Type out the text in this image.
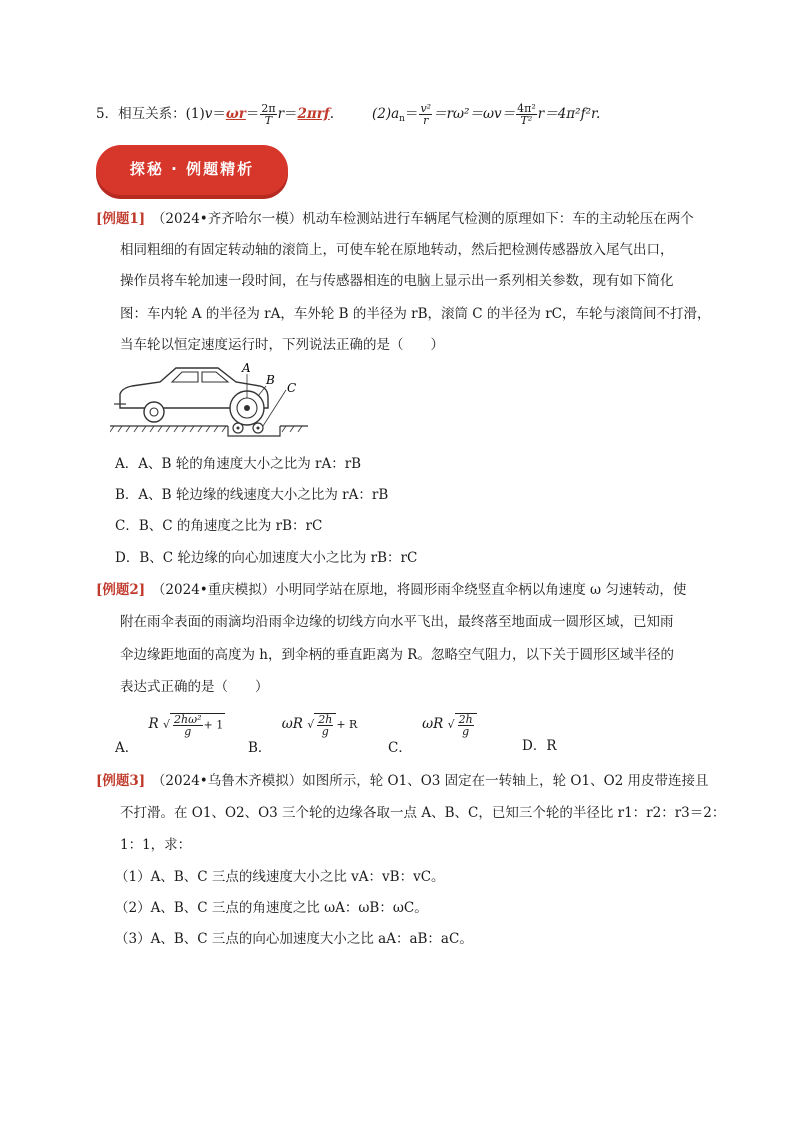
5．相互关系：$(1)v=\omega r= \frac{2\pi}{T} r=2\pi rf$.	$(2)a_n= \frac{\text{v²}}{r} =r\omega^2=\omega v= \frac{\text{4π²}}{\text{T²}} r=4\pi^2f^2r$.
探秘 · 例题精析
[例题1]　 （2024•齐齐哈尔一模）机动车检测站进行车辆尾气检测的原理如下：车的主动轮压在两个
相同粗细的有固定转动轴的滚筒上，可使车轮在原地转动，然后把检测传感器放入尾气出口，
操作员将车轮加速一段时间，在与传感器相连的电脑上显示出一系列相关参数，现有如下简化
图：车内轮 A 的半径为 rA，车外轮 B 的半径为 rB，滚筒 C 的半径为 rC，车轮与滚筒间不打滑，
当车轮以恒定速度运行时，下列说法正确的是（　　）
A
B
C
A．A、B 轮的角速度大小之比为 rA：rB
B．A、B 轮边缘的线速度大小之比为 rA：rB
C．B、C 的角速度之比为 rB：rC
D．B、C 轮边缘的向心加速度大小之比为 rB：rC
[例题2]　 （2024•重庆模拟）小明同学站在原地，将圆形雨伞绕竖直伞柄以角速度 ω 匀速转动，使
附在雨伞表面的雨滴均沿雨伞边缘的切线方向水平飞出，最终落至地面成一圆形区域，已知雨
伞边缘距地面的高度为 h，到伞柄的垂直距离为 R。忽略空气阻力，以下关于圆形区域半径的
表达式正确的是（　　）
A． R √ $\frac{\text{2hω²}}{g} + 1$
B． ωR √ $\frac{2h}{g} + R$
C． ωR √ $\frac{2h}{g}$
D．R
[例题3]　 （2024•乌鲁木齐模拟）如图所示，轮 O1、O3 固定在一转轴上，轮 O1、O2 用皮带连接且
不打滑。在 O1、O2、O3 三个轮的边缘各取一点 A、B、C，已知三个轮的半径比 r1：r2：r3＝2：
1：1，求：
（1）A、B、C 三点的线速度大小之比 vA：vB：vC。
（2）A、B、C 三点的角速度之比 ωA：ωB：ωC。
（3）A、B、C 三点的向心加速度大小之比 aA：aB：aC。
